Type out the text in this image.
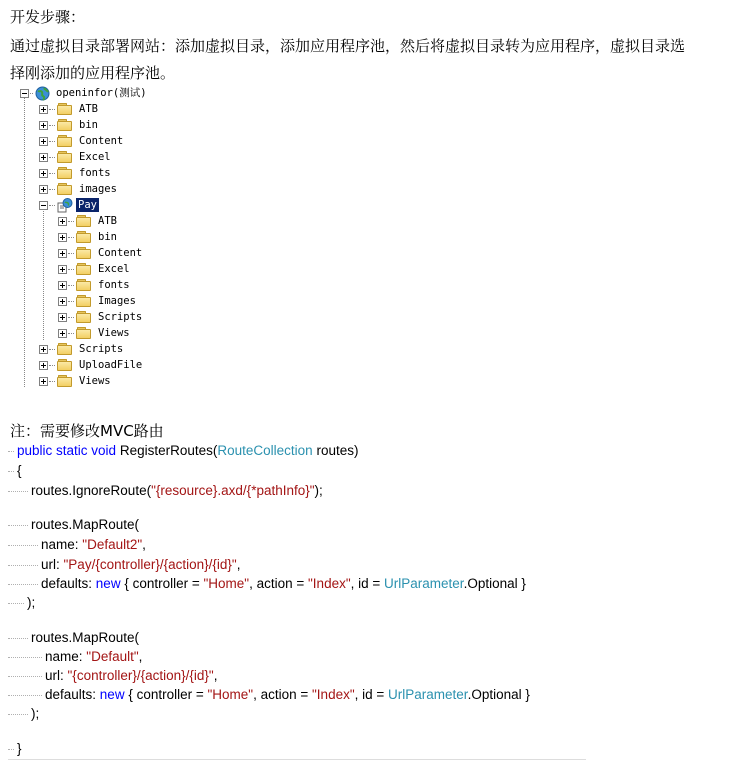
开发步骤：
通过虚拟目录部署网站：添加虚拟目录，添加应用程序池，然后将虚拟目录转为应用程序，虚拟目录选
择刚添加的应用程序池。
openinfor(测试)
ATB
bin
Content
Excel
fonts
images
Pay
ATB
bin
Content
Excel
fonts
Images
Scripts
Views
Scripts
UploadFile
Views
注：需要修改MVC路由
public static void RegisterRoutes(RouteCollection routes)
{
routes.IgnoreRoute("{resource}.axd/{*pathInfo}");
routes.MapRoute(
name: "Default2",
url: "Pay/{controller}/{action}/{id}",
defaults: new { controller = "Home", action = "Index", id = UrlParameter.Optional }
);
routes.MapRoute(
name: "Default",
url: "{controller}/{action}/{id}",
defaults: new { controller = "Home", action = "Index", id = UrlParameter.Optional }
);
}
